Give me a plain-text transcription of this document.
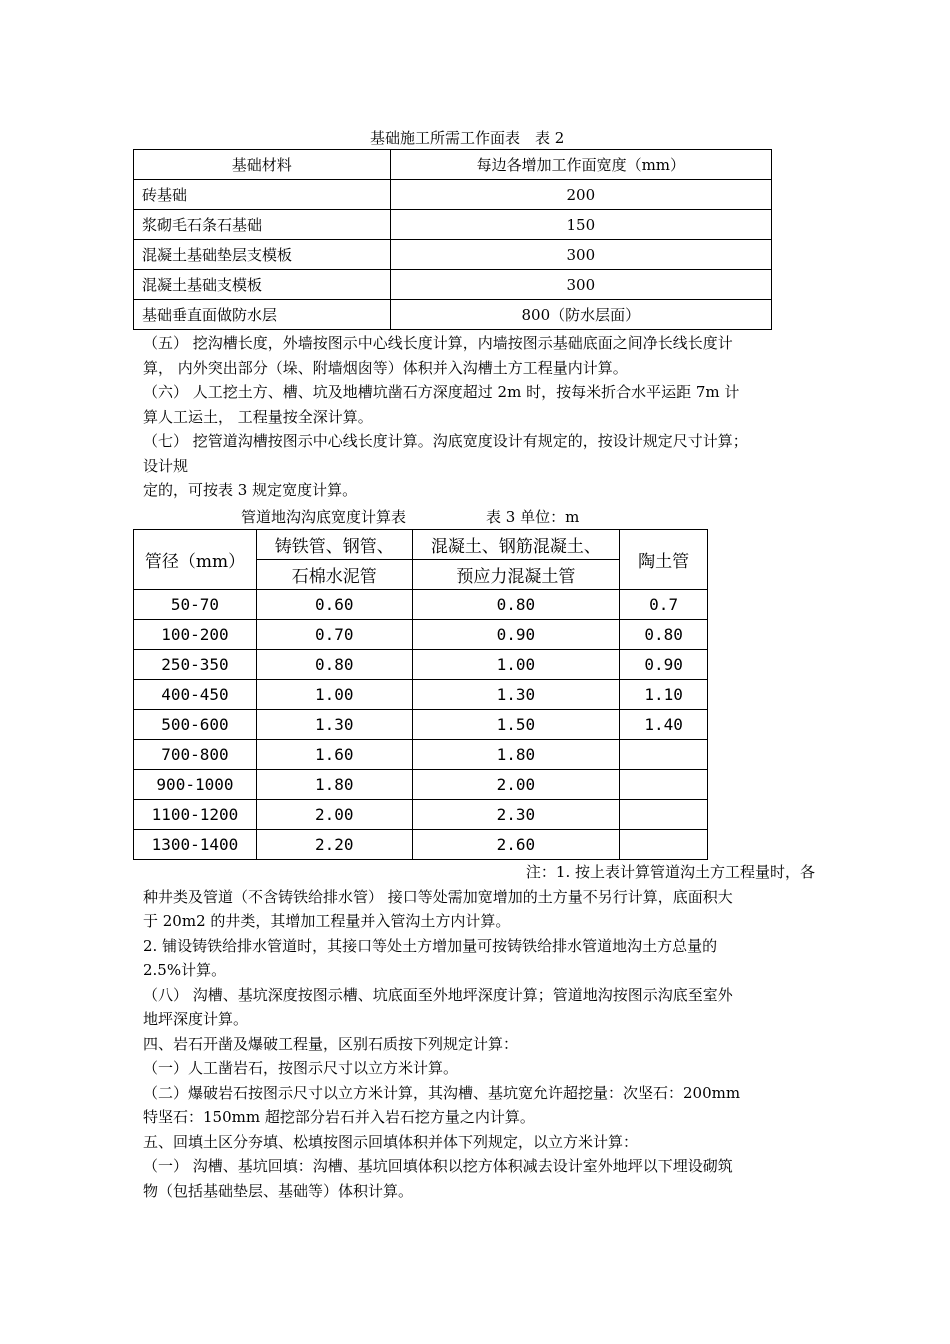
基础施工所需工作面表　表 2
基础材料	每边各增加工作面宽度（mm）
砖基础	200
浆砌毛石条石基础	150
混凝土基础垫层支模板	300
混凝土基础支模板	300
基础垂直面做防水层	800（防水层面）
（五） 挖沟槽长度，外墙按图示中心线长度计算，内墙按图示基础底面之间净长线长度计
算， 内外突出部分（垛、附墙烟囱等）体积并入沟槽土方工程量内计算。
（六） 人工挖土方、槽、坑及地槽坑凿石方深度超过 2m 时，按每米折合水平运距 7m 计
算人工运土， 工程量按全深计算。
（七） 挖管道沟槽按图示中心线长度计算。沟底宽度设计有规定的，按设计规定尺寸计算；
设计规
定的，可按表 3 规定宽度计算。
管道地沟沟底宽度计算表	表 3 单位：m
管径（mm）	铸铁管、钢管、	混凝土、钢筋混凝土、	陶土管
	石棉水泥管	预应力混凝土管	
50-70	0.60	0.80	0.7
100-200	0.70	0.90	0.80
250-350	0.80	1.00	0.90
400-450	1.00	1.30	1.10
500-600	1.30	1.50	1.40
700-800	1.60	1.80	
900-1000	1.80	2.00	
1100-1200	2.00	2.30	
1300-1400	2.20	2.60	
注：1. 按上表计算管道沟土方工程量时，各
种井类及管道（不含铸铁给排水管） 接口等处需加宽增加的土方量不另行计算，底面积大
于 20m2 的井类，其增加工程量并入管沟土方内计算。
2. 铺设铸铁给排水管道时，其接口等处土方增加量可按铸铁给排水管道地沟土方总量的
2.5%计算。
（八） 沟槽、基坑深度按图示槽、坑底面至外地坪深度计算；管道地沟按图示沟底至室外
地坪深度计算。
四、岩石开凿及爆破工程量，区别石质按下列规定计算：
（一）人工凿岩石，按图示尺寸以立方米计算。
（二）爆破岩石按图示尺寸以立方米计算，其沟槽、基坑宽允许超挖量：次坚石：200mm
特坚石：150mm 超挖部分岩石并入岩石挖方量之内计算。
五、回填土区分夯填、松填按图示回填体积并体下列规定，以立方米计算：
（一） 沟槽、基坑回填：沟槽、基坑回填体积以挖方体积减去设计室外地坪以下埋设砌筑
物（包括基础垫层、基础等）体积计算。
